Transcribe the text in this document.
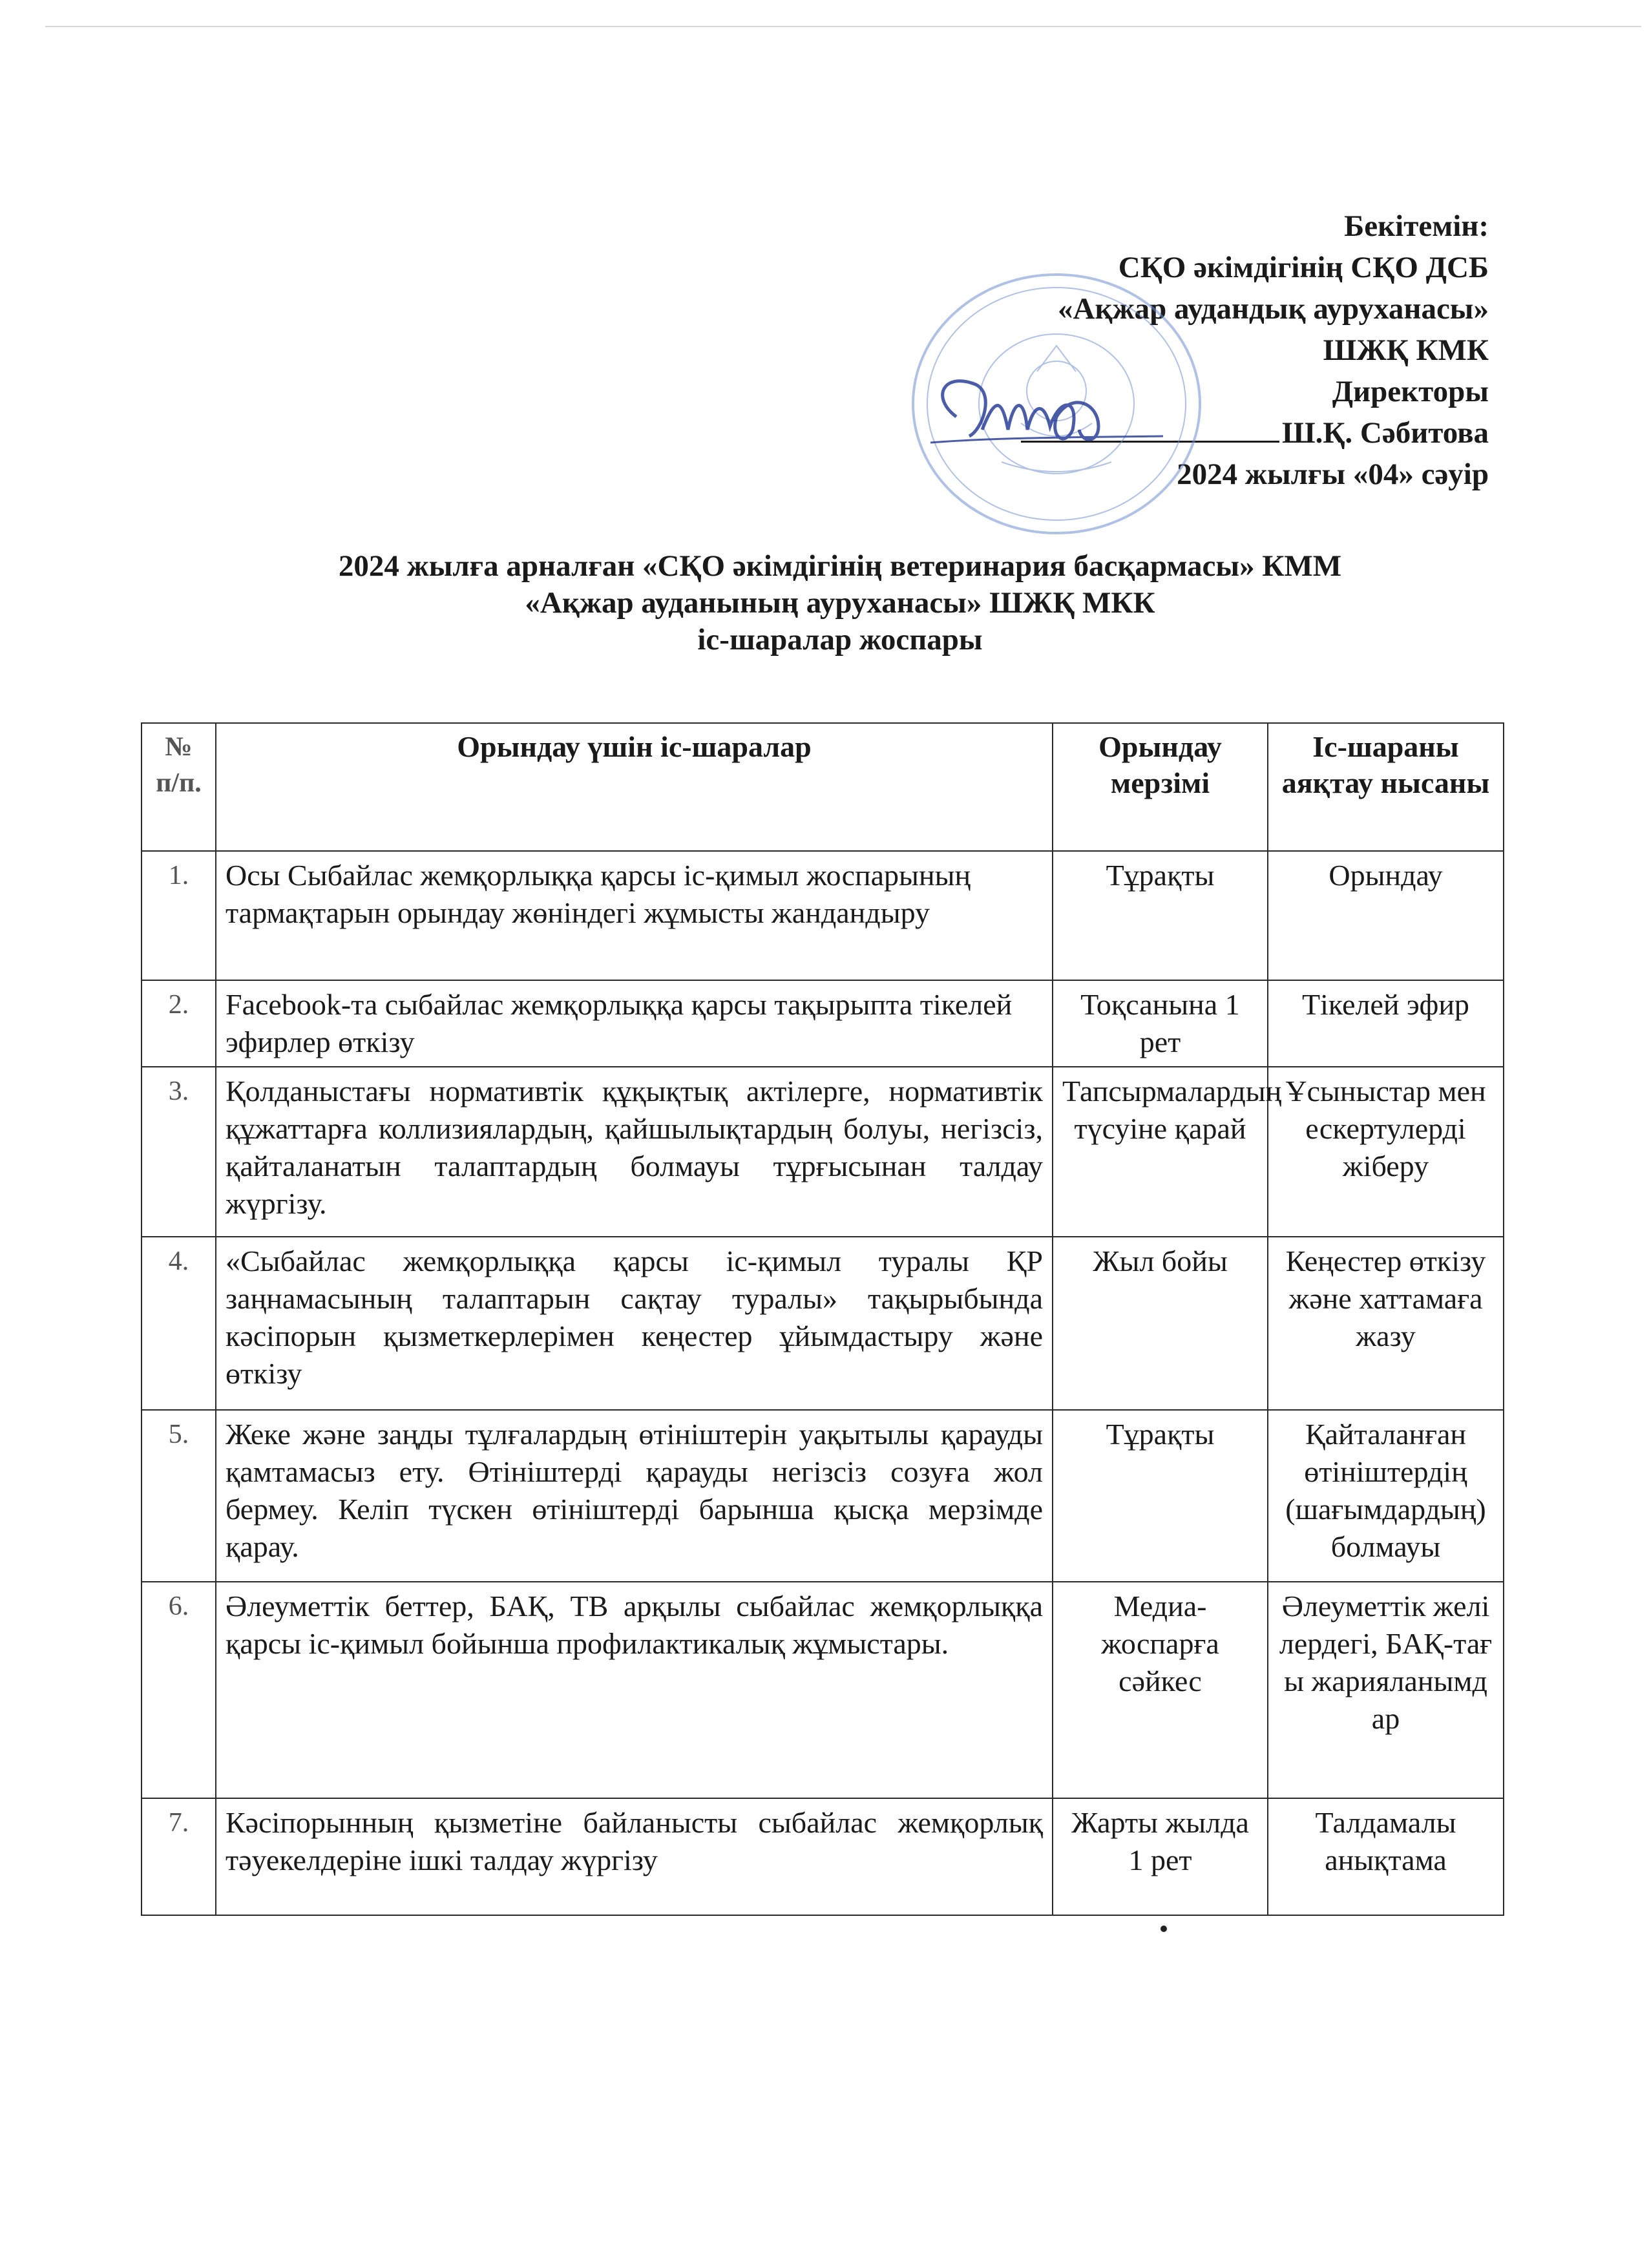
Бекітемін:
СҚО әкімдігінің СҚО ДСБ
«Ақжар аудандық ауруханасы»
ШЖҚ КМК
Директоры
Ш.Қ. Сәбитова
2024 жылғы «04» сәуір
2024 жылға арналған «СҚО әкімдігінің ветеринария басқармасы» КММ
«Ақжар ауданының ауруханасы» ШЖҚ МКК
іс-шаралар жоспары
№ п/п.	Орындау үшін іс-шаралар	Орындау мерзімі	Іс-шараны аяқтау нысаны
1.	Осы Сыбайлас жемқорлыққа қарсы іс-қимыл жоспарының тармақтарын орындау жөніндегі жұмысты жандандыру	Тұрақты	Орындау
2.	Facebook-та сыбайлас жемқорлыққа қарсы тақырыпта тікелей эфирлер өткізу	Тоқсанына 1 рет	Тікелей эфир
3.	Қолданыстағы нормативтік құқықтық актілерге, нормативтік құжаттарға коллизиялардың, қайшылықтардың болуы, негізсіз, қайталанатын талаптардың болмауы тұрғысынан талдау жүргізу.	Тапсырмалардың түсуіне қарай	Ұсыныстар мен ескертулерді жіберу
4.	«Сыбайлас жемқорлыққа қарсы іс-қимыл туралы ҚР заңнамасының талаптарын сақтау туралы» тақырыбында кәсіпорын қызметкерлерімен кеңестер ұйымдастыру және өткізу	Жыл бойы	Кеңестер өткізу және хаттамаға жазу
5.	Жеке және заңды тұлғалардың өтініштерін уақытылы қарауды қамтамасыз ету. Өтініштерді қарауды негізсіз созуға жол бермеу. Келіп түскен өтініштерді барынша қысқа мерзімде қарау.	Тұрақты	Қайталанған өтініштердің (шағымдардың) болмауы
6.	Әлеуметтік беттер, БАҚ, ТВ арқылы сыбайлас жемқорлыққа қарсы іс-қимыл бойынша профилактикалық жұмыстары.	Медиа-жоспарға сәйкес	Әлеуметтік желілердегі, БАҚ-тағы жарияланымдар
7.	Кәсіпорынның қызметіне байланысты сыбайлас жемқорлық тәуекелдеріне ішкі талдау жүргізу	Жарты жылда 1 рет	Талдамалы анықтама
